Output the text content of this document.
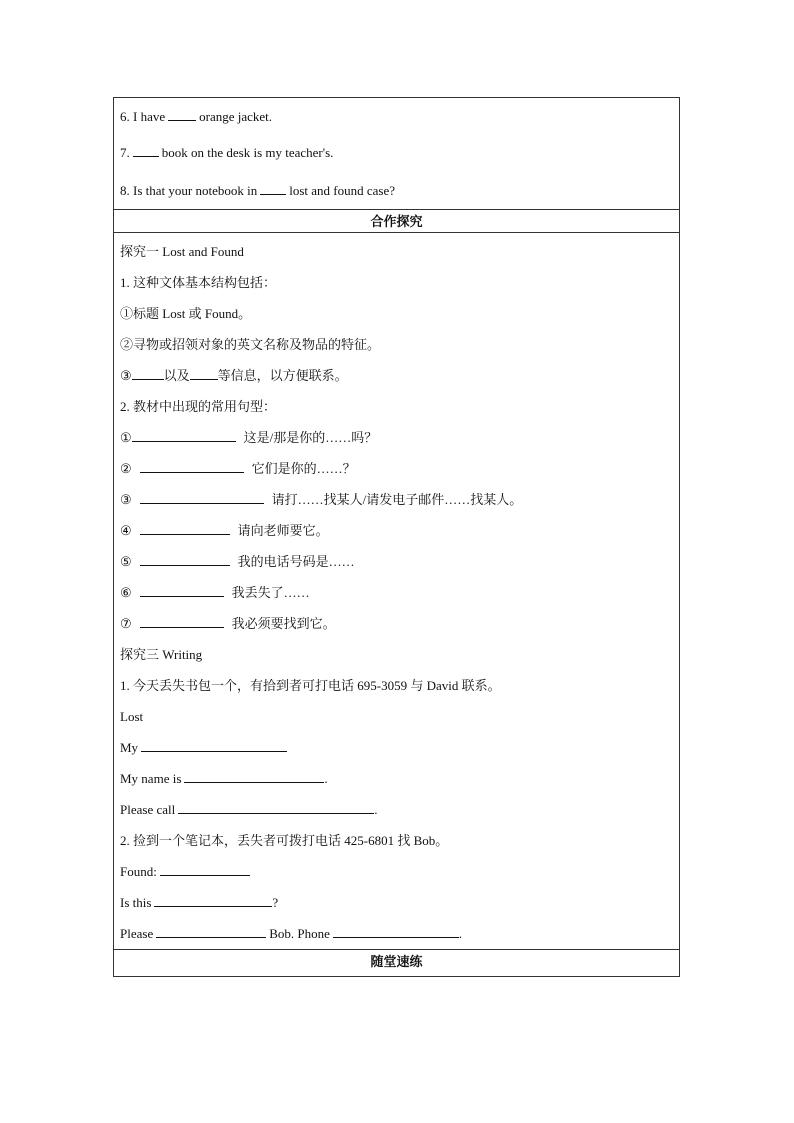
6. I have	orange jacket.
7. book on the desk is my teacher's.
8. Is that your notebook in lost and found case?
合作探究
探究一 Lost and Found
1. 这种文体基本结构包括：
①标题 Lost 或 Found。
②寻物或招领对象的英文名称及物品的特征。
③ 以及 等信息，以方便联系。
2. 教材中出现的常用句型：
①	这是/那是你的……吗？
②	它们是你的……？
③	请打……找某人/请发电子邮件……找某人。
④	请向老师要它。
⑤	我的电话号码是……
⑥	我丢失了……
⑦	我必须要找到它。
探究三 Writing
1. 今天丢失书包一个，有拾到者可打电话 695-3059 与 David 联系。
Lost
My
My name is	.
Please call	.
2. 捡到一个笔记本，丢失者可拨打电话 425-6801 找 Bob。
Found:
Is this	?
Please	Bob. Phone	.
随堂速练
